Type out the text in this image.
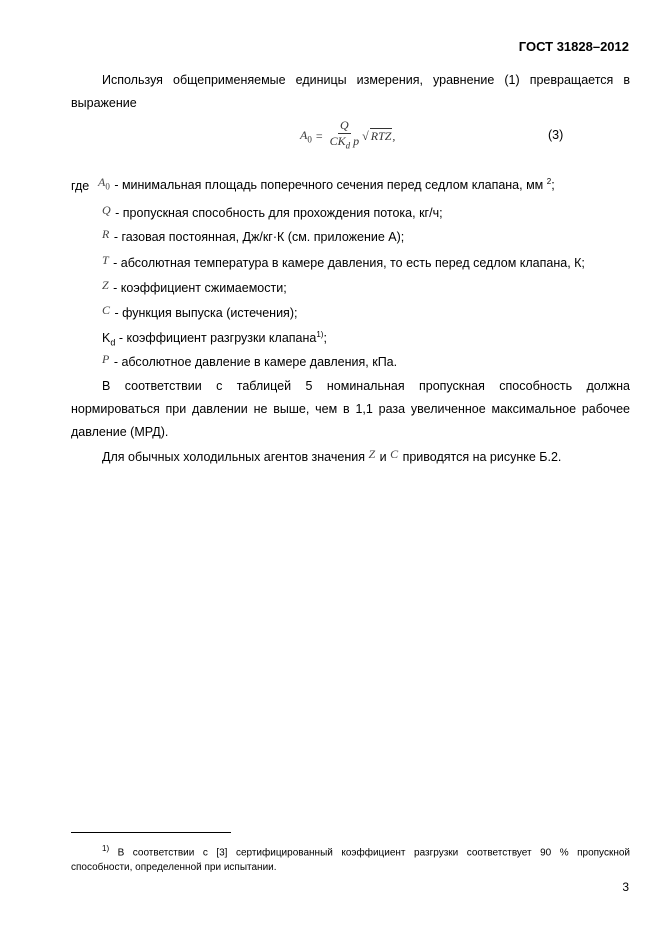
ГОСТ 31828–2012
Используя общеприменяемые единицы измерения, уравнение (1) превращается в выражение
$A_0 = \frac{Q}{CK_d p}$ √ RTZ ,	(3)
где $A_0$ - минимальная площадь поперечного сечения перед седлом клапана, мм $^2$;
Q - пропускная способность для прохождения потока, кг/ч;
R - газовая постоянная, Дж/кг·К (см. приложение А);
T - абсолютная температура в камере давления, то есть перед седлом клапана, К;
Z - коэффициент сжимаемости;
C - функция выпуска (истечения);
$K_d$ - коэффициент разгрузки клапана$^{1)}$;
P - абсолютное давление в камере давления, кПа.
В соответствии с таблицей 5 номинальная пропускная способность должна нормироваться при давлении не выше, чем в 1,1 раза увеличенное максимальное рабочее давление (МРД).
Для обычных холодильных агентов значения Z и C приводятся на рисунке Б.2.
$^{1)}$ В соответствии с [3] сертифицированный коэффициент разгрузки соответствует 90 % пропускной способности, определенной при испытании.
3
